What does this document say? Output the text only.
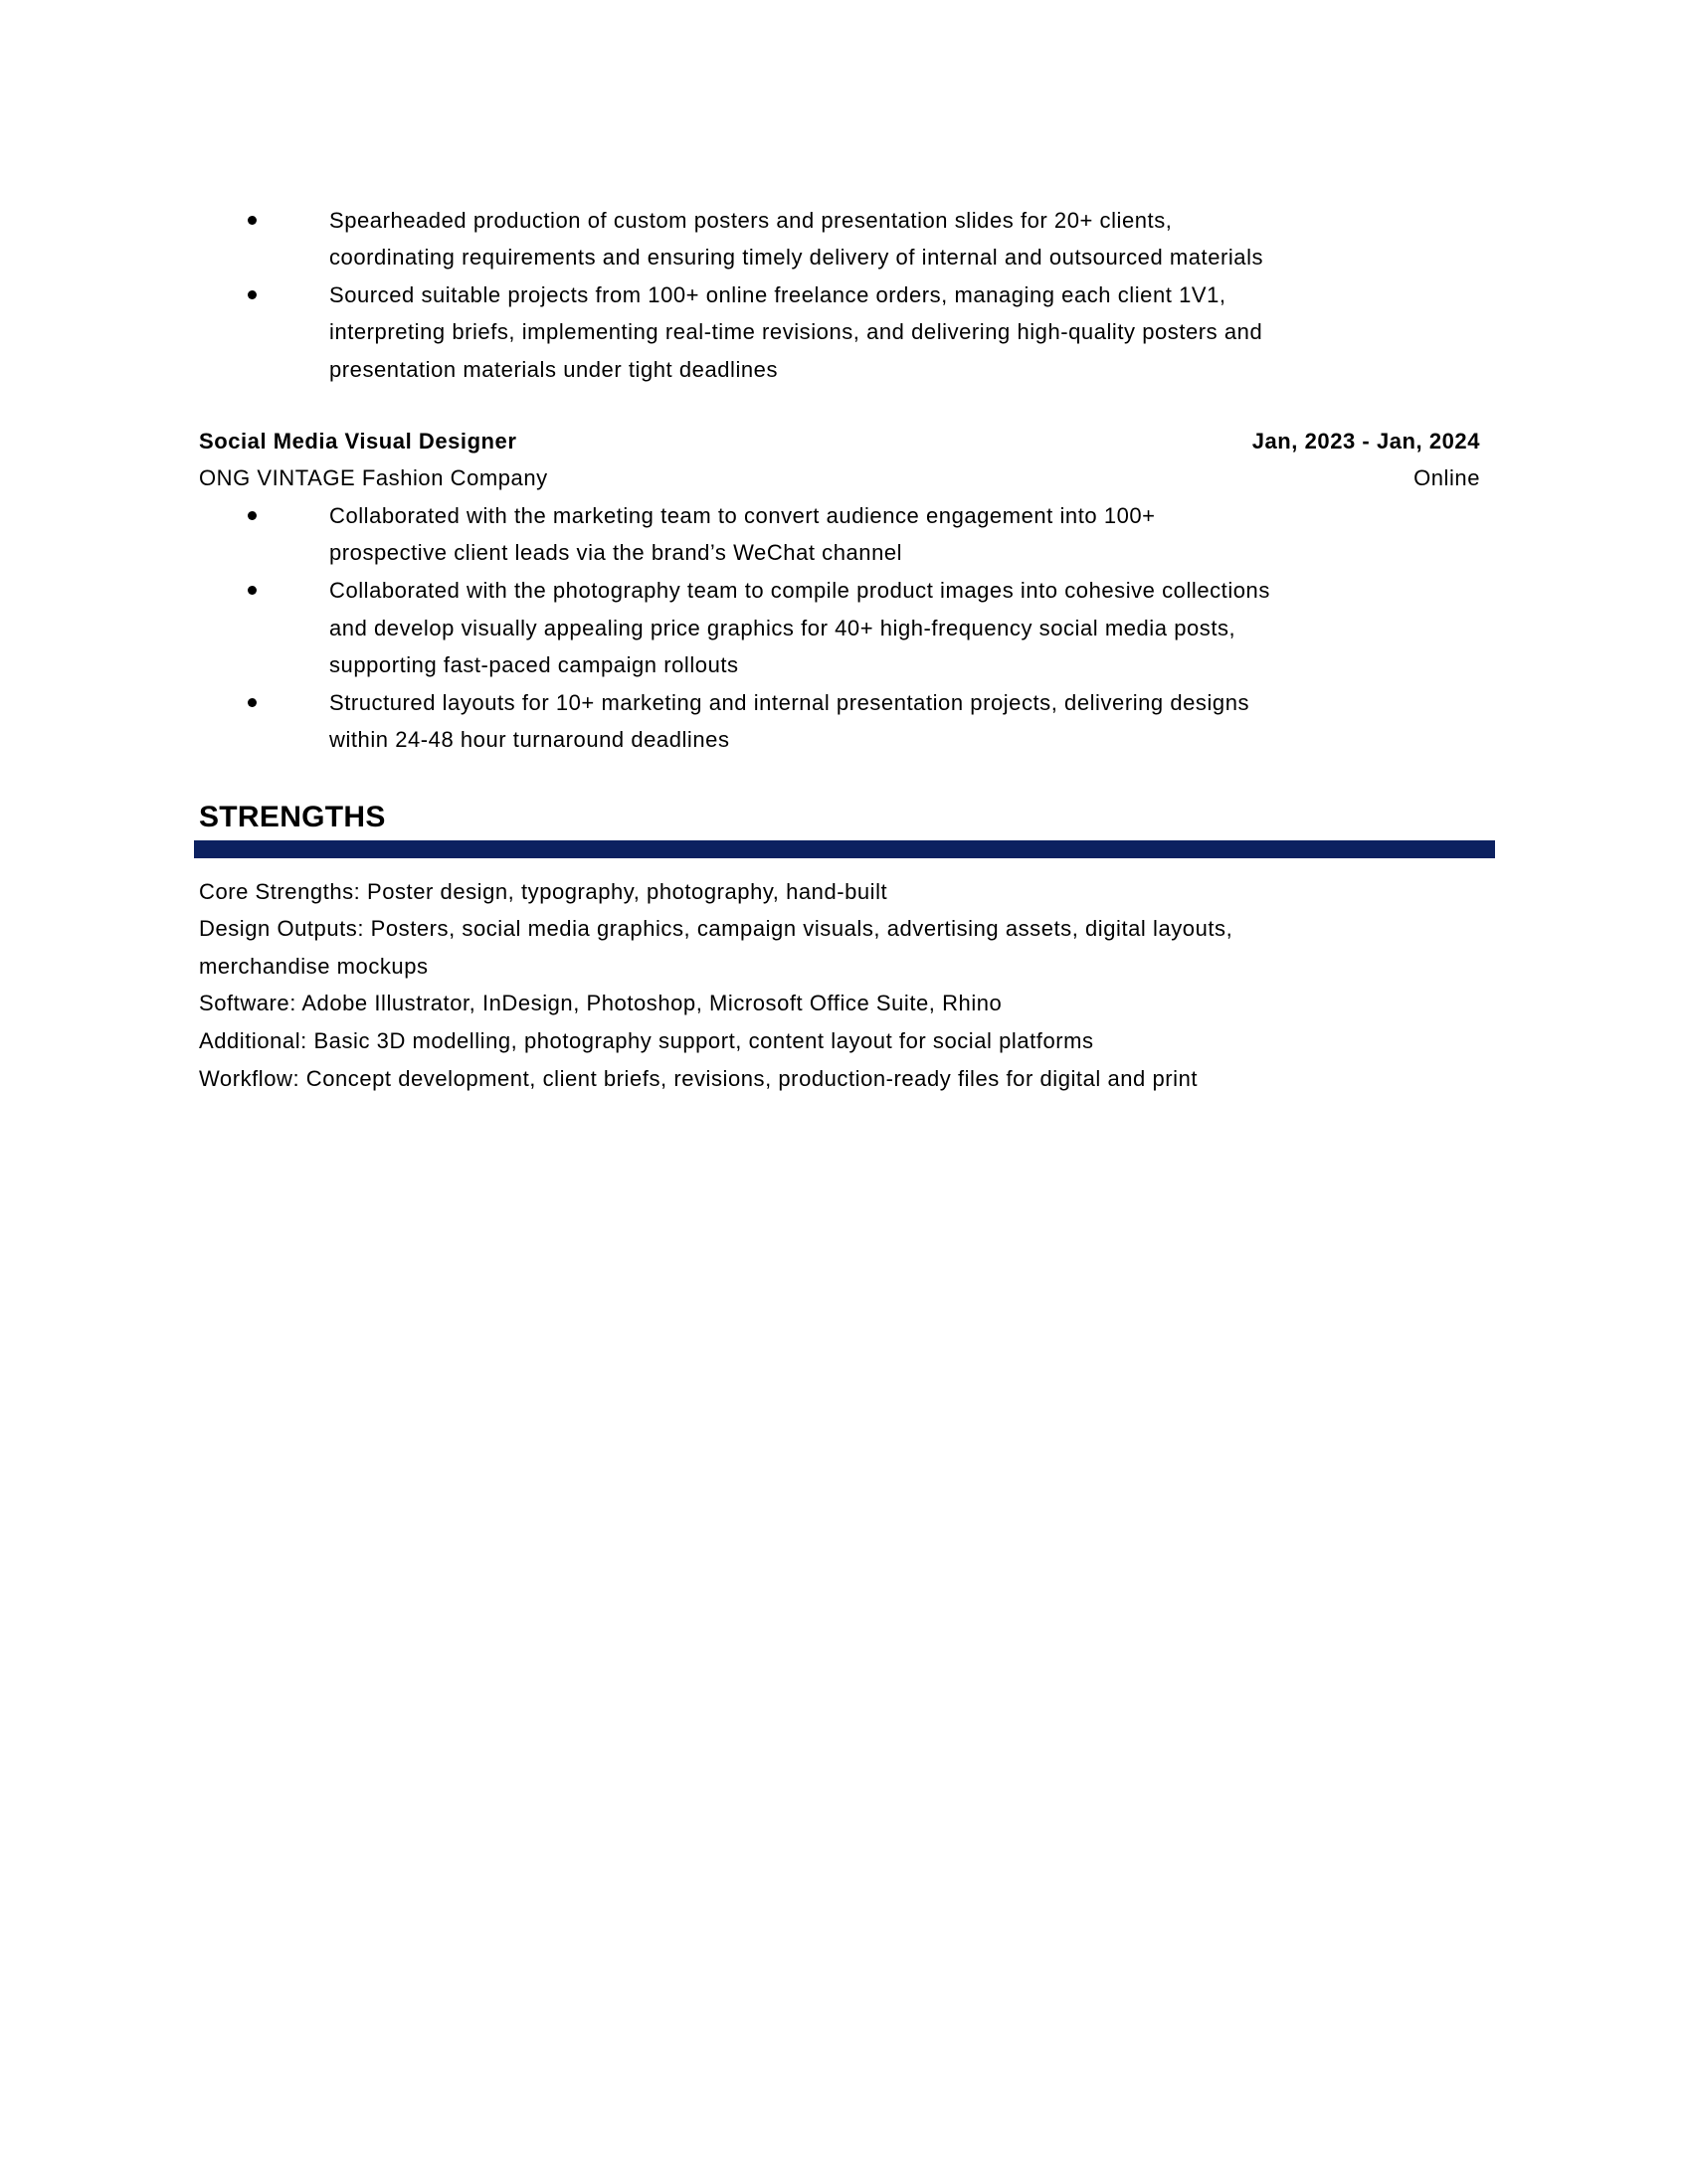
Spearheaded production of custom posters and presentation slides for 20+ clients,
coordinating requirements and ensuring timely delivery of internal and outsourced materials
Sourced suitable projects from 100+ online freelance orders, managing each client 1V1,
interpreting briefs, implementing real-time revisions, and delivering high-quality posters and
presentation materials under tight deadlines
Social Media Visual Designer	Jan, 2023 - Jan, 2024
ONG VINTAGE Fashion Company	Online
Collaborated with the marketing team to convert audience engagement into 100+
prospective client leads via the brand’s WeChat channel
Collaborated with the photography team to compile product images into cohesive collections
and develop visually appealing price graphics for 40+ high-frequency social media posts,
supporting fast-paced campaign rollouts
Structured layouts for 10+ marketing and internal presentation projects, delivering designs
within 24-48 hour turnaround deadlines
STRENGTHS
Core Strengths: Poster design, typography, photography, hand-built
Design Outputs: Posters, social media graphics, campaign visuals, advertising assets, digital layouts,
merchandise mockups
Software: Adobe Illustrator, InDesign, Photoshop, Microsoft Office Suite, Rhino
Additional: Basic 3D modelling, photography support, content layout for social platforms
Workflow: Concept development, client briefs, revisions, production-ready files for digital and print
